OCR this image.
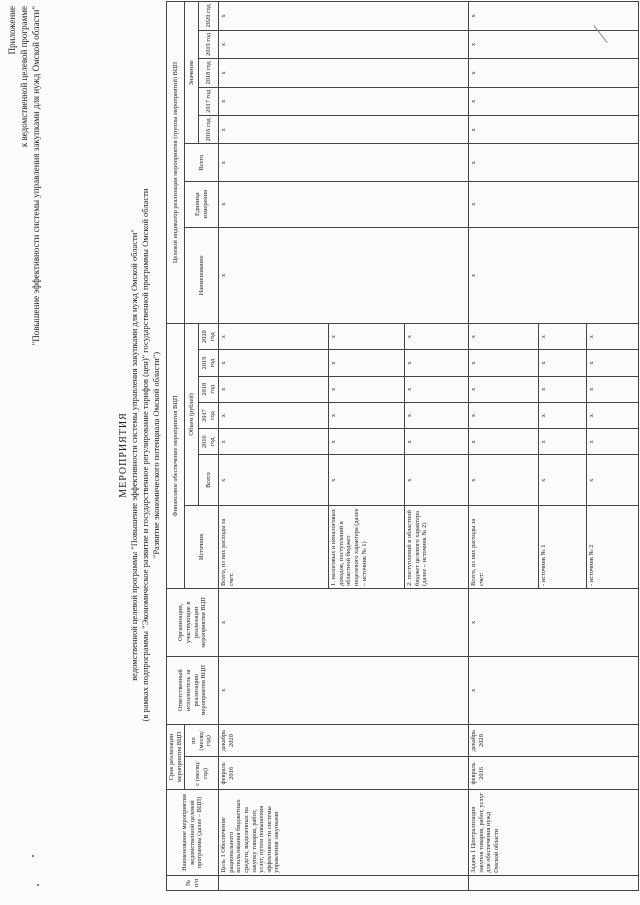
Приложение к ведомственной целевой программе "Повышение эффективности системы управления закупками для нужд Омской области"
МЕРОПРИЯТИЯ ведомственной целевой программы "Повышение эффективности системы управления закупками для нужд Омской области" (в рамках подпрограммы "Экономическое развитие и государственное регулирование тарифов (цен)" государственной программы Омской области "Развитие экономического потенциала Омской области")
№ п/п	Наименование мероприятия ведомственной целевой программы (далее – ВЦП)	Срок реализации мероприятия ВЦП		Ответственный исполнитель за реализацию мероприятия ВЦП	Организации, участвующие в реализации мероприятия ВЦП	Финансовое обеспечение мероприятия ВЦП							Целевой индикатор реализации мероприятия (группы мероприятий) ВЦП							
		с (месяц/год)	по (месяц/год)			Источник	Объем (рублей)						Наименование	Единица измерения	Всего	Значение				
							Всего	2016 год	2017 год	2018 год	2019 год	2020 год				2016 год	2017 год	2018 год	2019 год	2020 год
	Цель 1 Обеспечение рационального использования бюджетных средств, выделенных на закупку товаров, работ, услуг, путем повышения эффективности системы управления закупками	февраль 2016	декабрь 2020	x	x	Всего, из них расходы за счет:	x	x	x	x	x	x	x	x	x	x	x	x	x	x
						1. налоговых и неналоговых доходов, поступлений в областной бюджет нецелевого характера (далее – источник № 1)	x	x	x	x	x	x								
						2. поступлений в областной бюджет целевого характера (далее – источник № 2)	x	x	x	x	x	x								
	Задача 1 Централизация закупок товаров, работ, услуг для обеспечения нужд Омской области	февраль 2016	декабрь 2020	x	x	Всего, из них расходы за счет:	x	x	x	x	x	x	x	x	x	x	x	x	x	x
						- источник № 1	x	x	x	x	x	x								
						- источник № 2	x	x	x	x	x	x								
